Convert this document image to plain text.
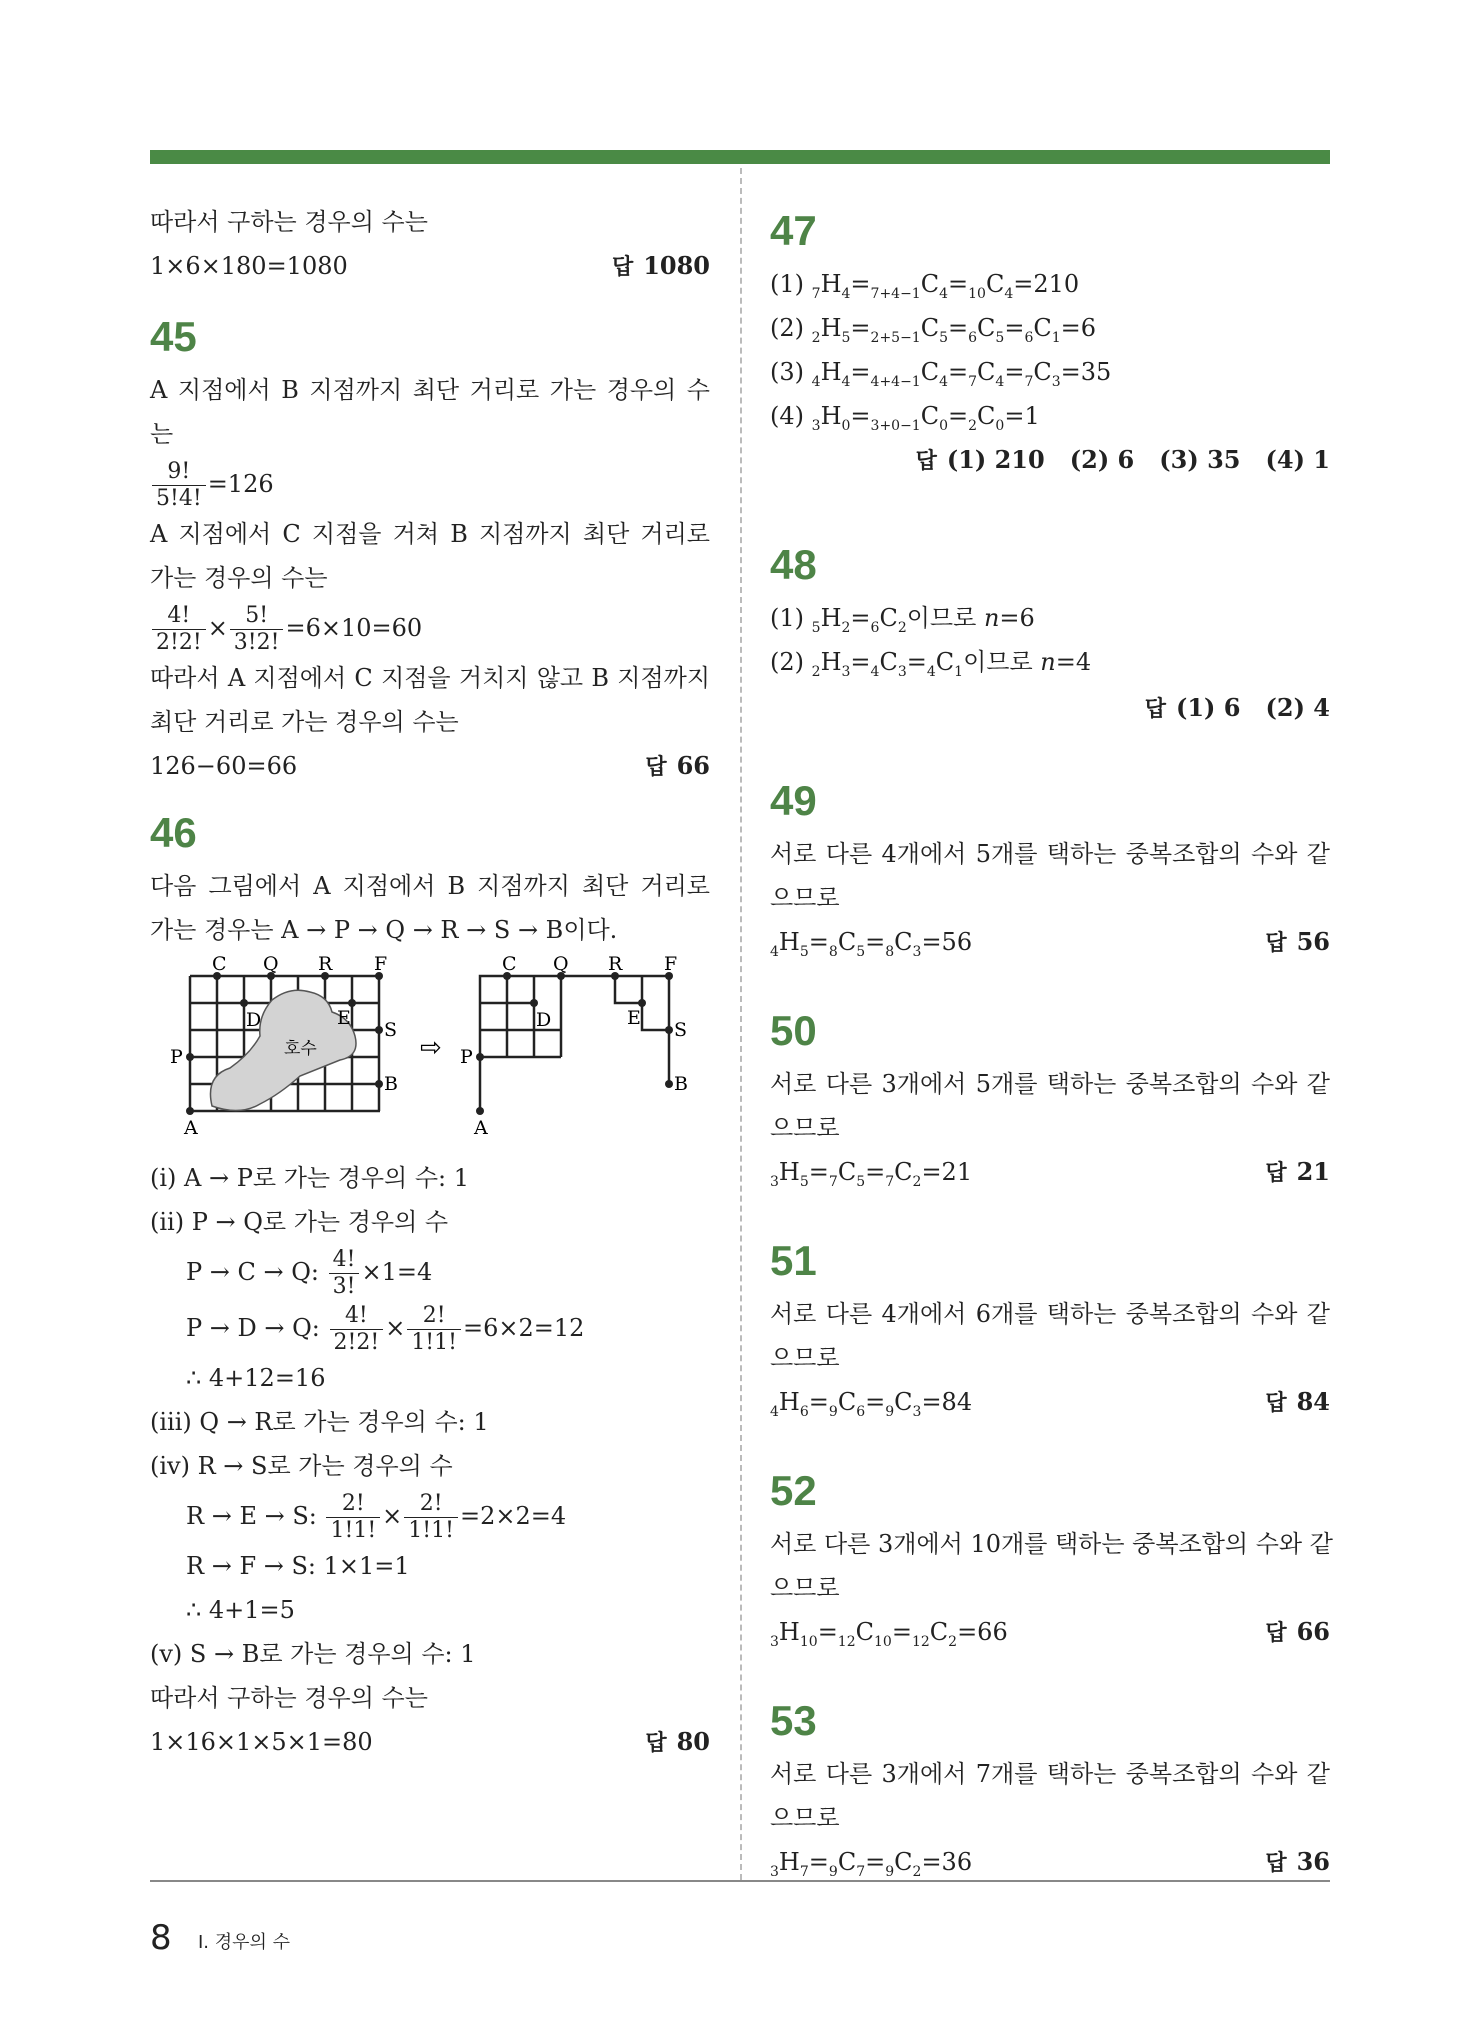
따라서 구하는 경우의 수는
1×6×180=1080	답 1080
45
A 지점에서 B 지점까지 최단 거리로 가는 경우의 수
는
$\frac{9!}{5!4!} =126$
A 지점에서 C 지점을 거쳐 B 지점까지 최단 거리로
가는 경우의 수는
$\frac{4!}{2!2!} \times \frac{5!}{3!2!} =6\times 10=60$
따라서 A 지점에서 C 지점을 거치지 않고 B 지점까지
최단 거리로 가는 경우의 수는
126−60=66	답 66
46
다음 그림에서 A 지점에서 B 지점까지 최단 거리로
가는 경우는 A → P → Q → R → S → B이다.
호수
C Q R F
D	E
S
P
B
A
⇨
C Q R F
D	E
S
P
B
A
(ⅰ) A → P로 가는 경우의 수: 1
(ⅱ) P → Q로 가는 경우의 수
P → C → Q: $\frac{4!}{3!} \times 1=4$
P → D → Q: $\frac{4!}{2!2!} \times \frac{2!}{1!1!} =6\times 2=12$
∴ 4+12=16
(ⅲ) Q → R로 가는 경우의 수: 1
(ⅳ) R → S로 가는 경우의 수
R → E → S: $\frac{2!}{1!1!} \times \frac{2!}{1!1!} =2\times 2=4$
R → F → S: 1×1=1
∴ 4+1=5
(ⅴ) S → B로 가는 경우의 수: 1
따라서 구하는 경우의 수는
1×16×1×5×1=80	답 80
47
(1) $_7H_4=_{7+4-1}C_4=_{10}C_4=210$
(2) $_2H_5=_{2+5-1}C_5=_6C_5=_6C_1=6$
(3) $_4H_4=_{4+4-1}C_4=_7C_4=_7C_3=35$
(4) $_3H_0=_{3+0-1}C_0=_2C_0=1$
답 (1) 210   (2) 6   (3) 35   (4) 1
48
(1) $_5H_2=_6C_2$이므로 n=6
(2) $_2H_3=_4C_3=_4C_1$이므로 n=4
답 (1) 6   (2) 4
49
서로 다른 4개에서 5개를 택하는 중복조합의 수와 같
으므로
$_4H_5=_8C_5=_8C_3=56$	답 56
50
서로 다른 3개에서 5개를 택하는 중복조합의 수와 같
으므로
$_3H_5=_7C_5=_7C_2=21$	답 21
51
서로 다른 4개에서 6개를 택하는 중복조합의 수와 같
으므로
$_4H_6=_9C_6=_9C_3=84$	답 84
52
서로 다른 3개에서 10개를 택하는 중복조합의 수와 같
으므로
$_3H_{10}=_{12}C_{10}=_{12}C_2=66$	답 66
53
서로 다른 3개에서 7개를 택하는 중복조합의 수와 같
으므로
$_3H_7=_9C_7=_9C_2=36$	답 36
8 Ⅰ. 경우의 수
